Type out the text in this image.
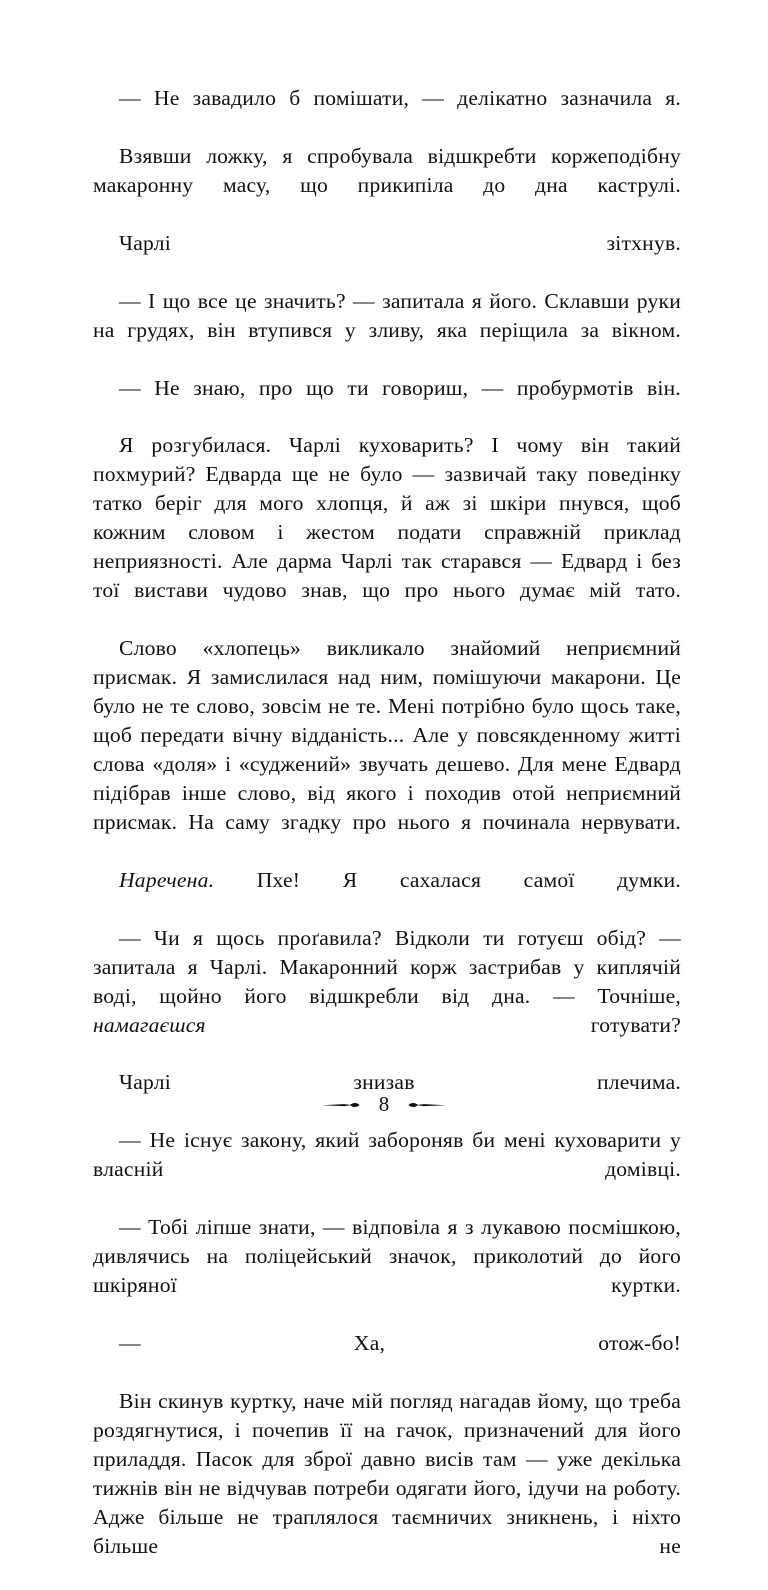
— Не завадило б помішати, — делікатно зазначила я.

Взявши ложку, я спробувала відшкребти коржеподібну макаронну масу, що прикипіла до дна каструлі.

Чарлі зітхнув.

— І що все це значить? — запитала я його. Склавши руки на грудях, він втупився у зливу, яка періщила за вікном.

— Не знаю, про що ти говориш, — пробурмотів він.

Я розгубилася. Чарлі куховарить? І чому він такий похмурий? Едварда ще не було — зазвичай таку поведінку татко беріг для мого хлопця, й аж зі шкіри пнувся, щоб кожним словом і жестом подати справжній приклад неприязності. Але дарма Чарлі так старався — Едвард і без тої вистави чудово знав, що про нього думає мій тато.

Слово «хлопець» викликало знайомий неприємний присмак. Я замислилася над ним, помішуючи макарони. Це було не те слово, зовсім не те. Мені потрібно було щось таке, щоб передати вічну відданість... Але у повсякденному житті слова «доля» і «суджений» звучать дешево. Для мене Едвард підібрав інше слово, від якого і походив отой неприємний присмак. На саму згадку про нього я починала нервувати.

Наречена. Пхе! Я сахалася самої думки.

— Чи я щось проґавила? Відколи ти готуєш обід? — запитала я Чарлі. Макаронний корж застрибав у киплячій воді, щойно його відшкребли від дна. — Точніше, намагаєшся готувати?

Чарлі знизав плечима.

— Не існує закону, який забороняв би мені куховарити у власній домівці.

— Тобі ліпше знати, — відповіла я з лукавою посмішкою, дивлячись на поліцейський значок, приколотий до його шкіряної куртки.

— Ха, отож-бо!

Він скинув куртку, наче мій погляд нагадав йому, що треба роздягнутися, і почепив її на гачок, призначений для його приладдя. Пасок для зброї давно висів там — уже декілька тижнів він не відчував потреби одягати його, ідучи на роботу. Адже більше не траплялося таємничих зникнень, і ніхто більше не

8
